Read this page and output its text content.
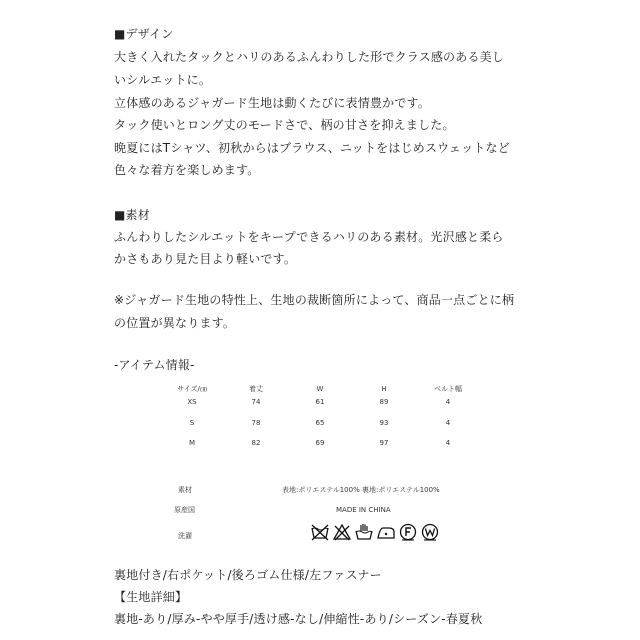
■デザイン
大きく入れたタックとハリのあるふんわりした形でクラス感のある美し
いシルエットに。
立体感のあるジャガード生地は動くたびに表情豊かです。
タック使いとロング丈のモードさで、柄の甘さを抑えました。
晩夏にはTシャツ、初秋からはブラウス、ニットをはじめスウェットなど
色々な着方を楽しめます。
■素材
ふんわりしたシルエットをキープできるハリのある素材。光沢感と柔ら
かさもあり見た目より軽いです。
※ジャガード生地の特性上、生地の裁断箇所によって、商品一点ごとに柄
の位置が異なります。
-アイテム情報-
サイズ/㎝	着丈	W	H	ベルト幅
XS	74	61	89	4
S	78	65	93	4
M	82	69	97	4
素材	表地:ポリエステル100% 裏地:ポリエステル100%
原産国	MADE IN CHINA
洗濯
裏地付き/右ポケット/後ろゴム仕様/左ファスナー
【生地詳細】
裏地-あり/厚み-やや厚手/透け感-なし/伸縮性-あり/シーズン-春夏秋
